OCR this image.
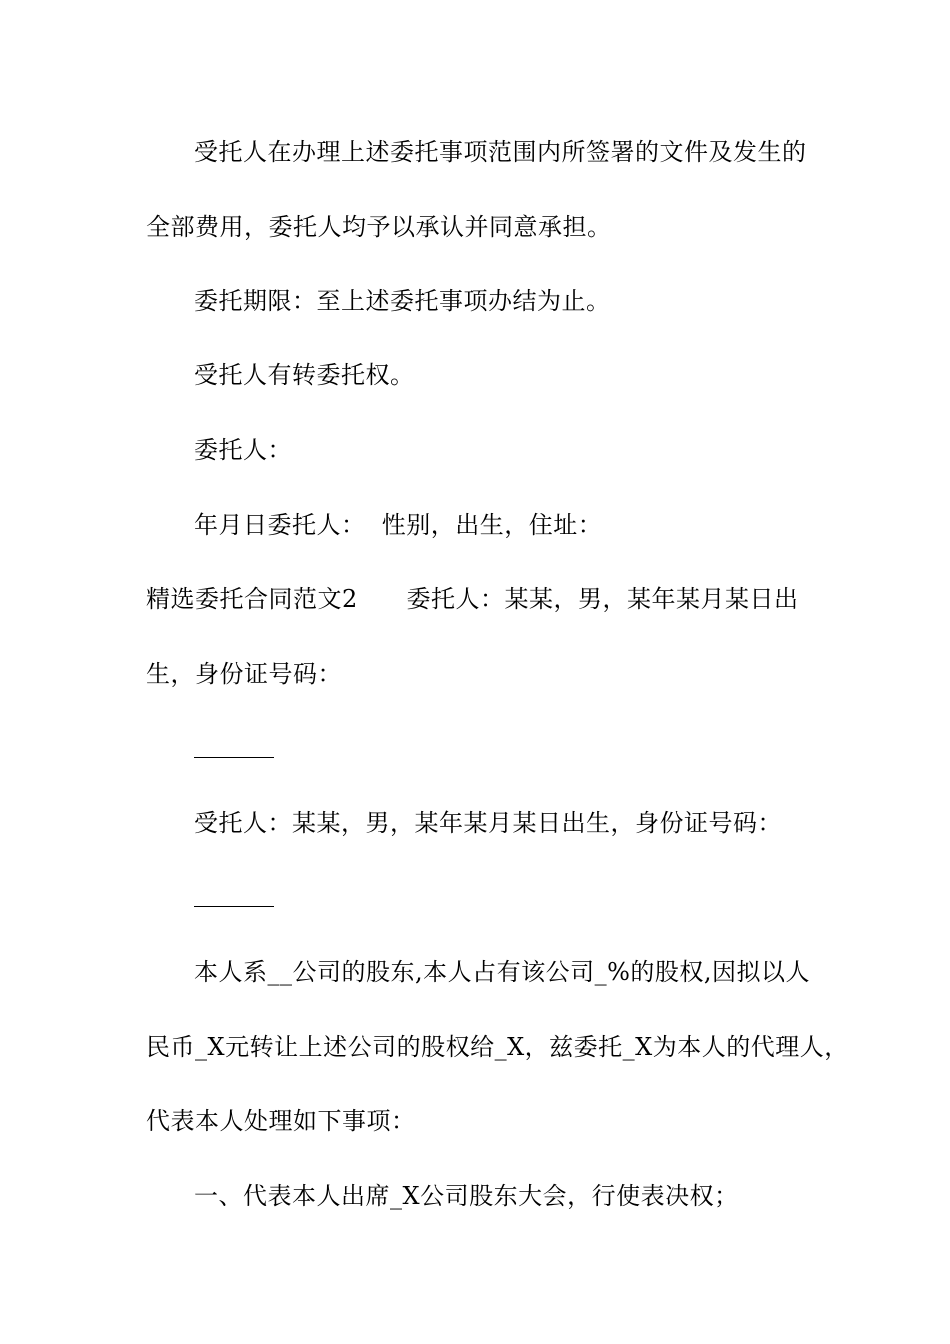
受托人在办理上述委托事项范围内所签署的文件及发生的
全部费用，委托人均予以承认并同意承担。
委托期限：至上述委托事项办结为止。
受托人有转委托权。
委托人：
年月日委托人：  性别，出生，住址：
精选委托合同范文2      委托人：某某，男，某年某月某日出
生，身份证号码：
受托人：某某，男，某年某月某日出生，身份证号码：
本人系__公司的股东,本人占有该公司_%的股权,因拟以人
民币_X元转让上述公司的股权给_X，兹委托_X为本人的代理人，
代表本人处理如下事项：
一、代表本人出席_X公司股东大会，行使表决权；
